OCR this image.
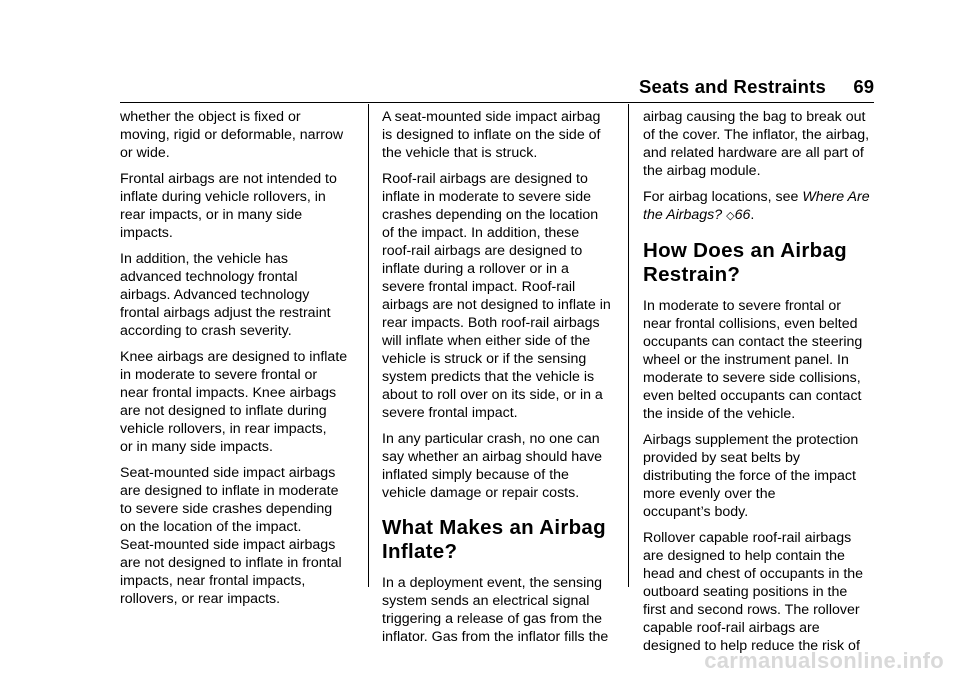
Seats and Restraints 69

whether the object is fixed or
moving, rigid or deformable, narrow
or wide.

Frontal airbags are not intended to
inflate during vehicle rollovers, in
rear impacts, or in many side
impacts.

In addition, the vehicle has
advanced technology frontal
airbags. Advanced technology
frontal airbags adjust the restraint
according to crash severity.

Knee airbags are designed to inflate
in moderate to severe frontal or
near frontal impacts. Knee airbags
are not designed to inflate during
vehicle rollovers, in rear impacts,
or in many side impacts.

Seat-mounted side impact airbags
are designed to inflate in moderate
to severe side crashes depending
on the location of the impact.
Seat-mounted side impact airbags
are not designed to inflate in frontal
impacts, near frontal impacts,
rollovers, or rear impacts.

A seat-mounted side impact airbag
is designed to inflate on the side of
the vehicle that is struck.

Roof-rail airbags are designed to
inflate in moderate to severe side
crashes depending on the location
of the impact. In addition, these
roof-rail airbags are designed to
inflate during a rollover or in a
severe frontal impact. Roof-rail
airbags are not designed to inflate in
rear impacts. Both roof-rail airbags
will inflate when either side of the
vehicle is struck or if the sensing
system predicts that the vehicle is
about to roll over on its side, or in a
severe frontal impact.

In any particular crash, no one can
say whether an airbag should have
inflated simply because of the
vehicle damage or repair costs.

What Makes an Airbag
Inflate?

In a deployment event, the sensing
system sends an electrical signal
triggering a release of gas from the
inflator. Gas from the inflator fills the

airbag causing the bag to break out
of the cover. The inflator, the airbag,
and related hardware are all part of
the airbag module.

For airbag locations, see Where Are
the Airbags? ◇66.

How Does an Airbag
Restrain?

In moderate to severe frontal or
near frontal collisions, even belted
occupants can contact the steering
wheel or the instrument panel. In
moderate to severe side collisions,
even belted occupants can contact
the inside of the vehicle.

Airbags supplement the protection
provided by seat belts by
distributing the force of the impact
more evenly over the
occupant’s body.

Rollover capable roof-rail airbags
are designed to help contain the
head and chest of occupants in the
outboard seating positions in the
first and second rows. The rollover
capable roof-rail airbags are
designed to help reduce the risk of

carmanualsonline.info
